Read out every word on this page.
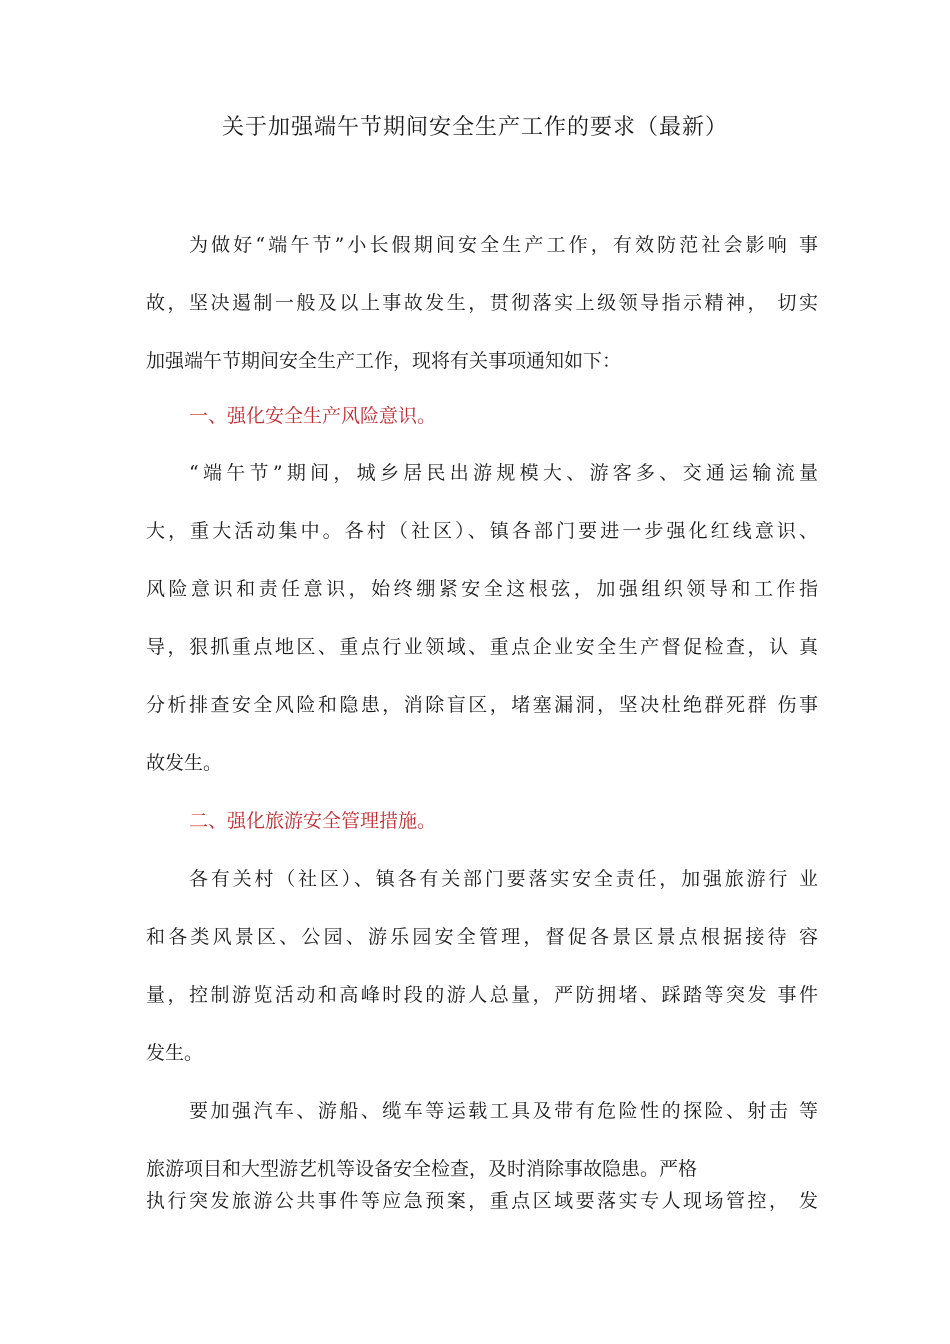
关于加强端午节期间安全生产工作的要求（最新）
为做好“端午节”小长假期间安全生产工作，有效防范社会影响 事
故，坚决遏制一般及以上事故发生，贯彻落实上级领导指示精神， 切实
加强端午节期间安全生产工作，现将有关事项通知如下：
一、强化安全生产风险意识。
“端午节”期间，城乡居民出游规模大、游客多、交通运输流量
大，重大活动集中。各村（社区）、镇各部门要进一步强化红线意识、
风险意识和责任意识，始终绷紧安全这根弦，加强组织领导和工作指
导，狠抓重点地区、重点行业领域、重点企业安全生产督促检查，认 真
分析排查安全风险和隐患，消除盲区，堵塞漏洞，坚决杜绝群死群 伤事
故发生。
二、强化旅游安全管理措施。
各有关村（社区）、镇各有关部门要落实安全责任，加强旅游行 业
和各类风景区、公园、游乐园安全管理，督促各景区景点根据接待 容
量，控制游览活动和高峰时段的游人总量，严防拥堵、踩踏等突发 事件
发生。
要加强汽车、游船、缆车等运载工具及带有危险性的探险、射击 等
旅游项目和大型游艺机等设备安全检查，及时消除事故隐患。严格
执行突发旅游公共事件等应急预案，重点区域要落实专人现场管控， 发
